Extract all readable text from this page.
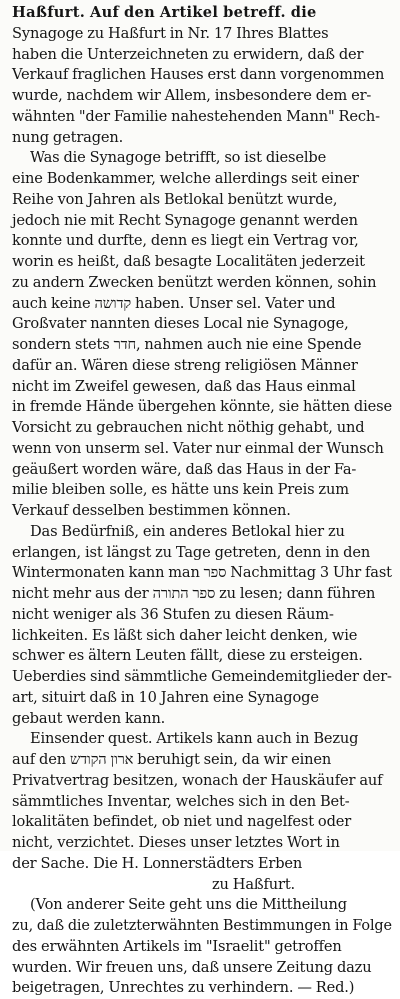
Haßfurt. Auf den Artikel betreff. die
Synagoge zu Haßfurt in Nr. 17 Ihres Blattes
haben die Unterzeichneten zu erwidern, daß der
Verkauf fraglichen Hauses erst dann vorgenommen
wurde, nachdem wir Allem, insbesondere dem er-
wähnten "der Familie nahestehenden Mann" Rech-
nung getragen.
Was die Synagoge betrifft, so ist dieselbe
eine Bodenkammer, welche allerdings seit einer
Reihe von Jahren als Betlokal benützt wurde,
jedoch nie mit Recht Synagoge genannt werden
konnte und durfte, denn es liegt ein Vertrag vor,
worin es heißt, daß besagte Localitäten jederzeit
zu andern Zwecken benützt werden können, sohin
auch keine קדושה haben. Unser sel. Vater und
Großvater nannten dieses Local nie Synagoge,
sondern stets חדר, nahmen auch nie eine Spende
dafür an. Wären diese streng religiösen Männer
nicht im Zweifel gewesen, daß das Haus einmal
in fremde Hände übergehen könnte, sie hätten diese
Vorsicht zu gebrauchen nicht nöthig gehabt, und
wenn von unserm sel. Vater nur einmal der Wunsch
geäußert worden wäre, daß das Haus in der Fa-
milie bleiben solle, es hätte uns kein Preis zum
Verkauf desselben bestimmen können.
Das Bedürfniß, ein anderes Betlokal hier zu
erlangen, ist längst zu Tage getreten, denn in den
Wintermonaten kann man ספר Nachmittag 3 Uhr fast
nicht mehr aus der ספר התורה zu lesen; dann führen
nicht weniger als 36 Stufen zu diesen Räum-
lichkeiten. Es läßt sich daher leicht denken, wie
schwer es ältern Leuten fällt, diese zu ersteigen.
Ueberdies sind sämmtliche Gemeindemitglieder der-
art, situirt daß in 10 Jahren eine Synagoge
gebaut werden kann.
Einsender quest. Artikels kann auch in Bezug
auf den ארון הקודש beruhigt sein, da wir einen
Privatvertrag besitzen, wonach der Hauskäufer auf
sämmtliches Inventar, welches sich in den Bet-
lokalitäten befindet, ob niet und nagelfest oder
nicht, verzichtet. Dieses unser letztes Wort in
der Sache. Die H. Lonnerstädters Erben
zu Haßfurt.
(Von anderer Seite geht uns die Mittheilung
zu, daß die zuletzterwähnten Bestimmungen in Folge
des erwähnten Artikels im "Israelit" getroffen
wurden. Wir freuen uns, daß unsere Zeitung dazu
beigetragen, Unrechtes zu verhindern. — Red.)
